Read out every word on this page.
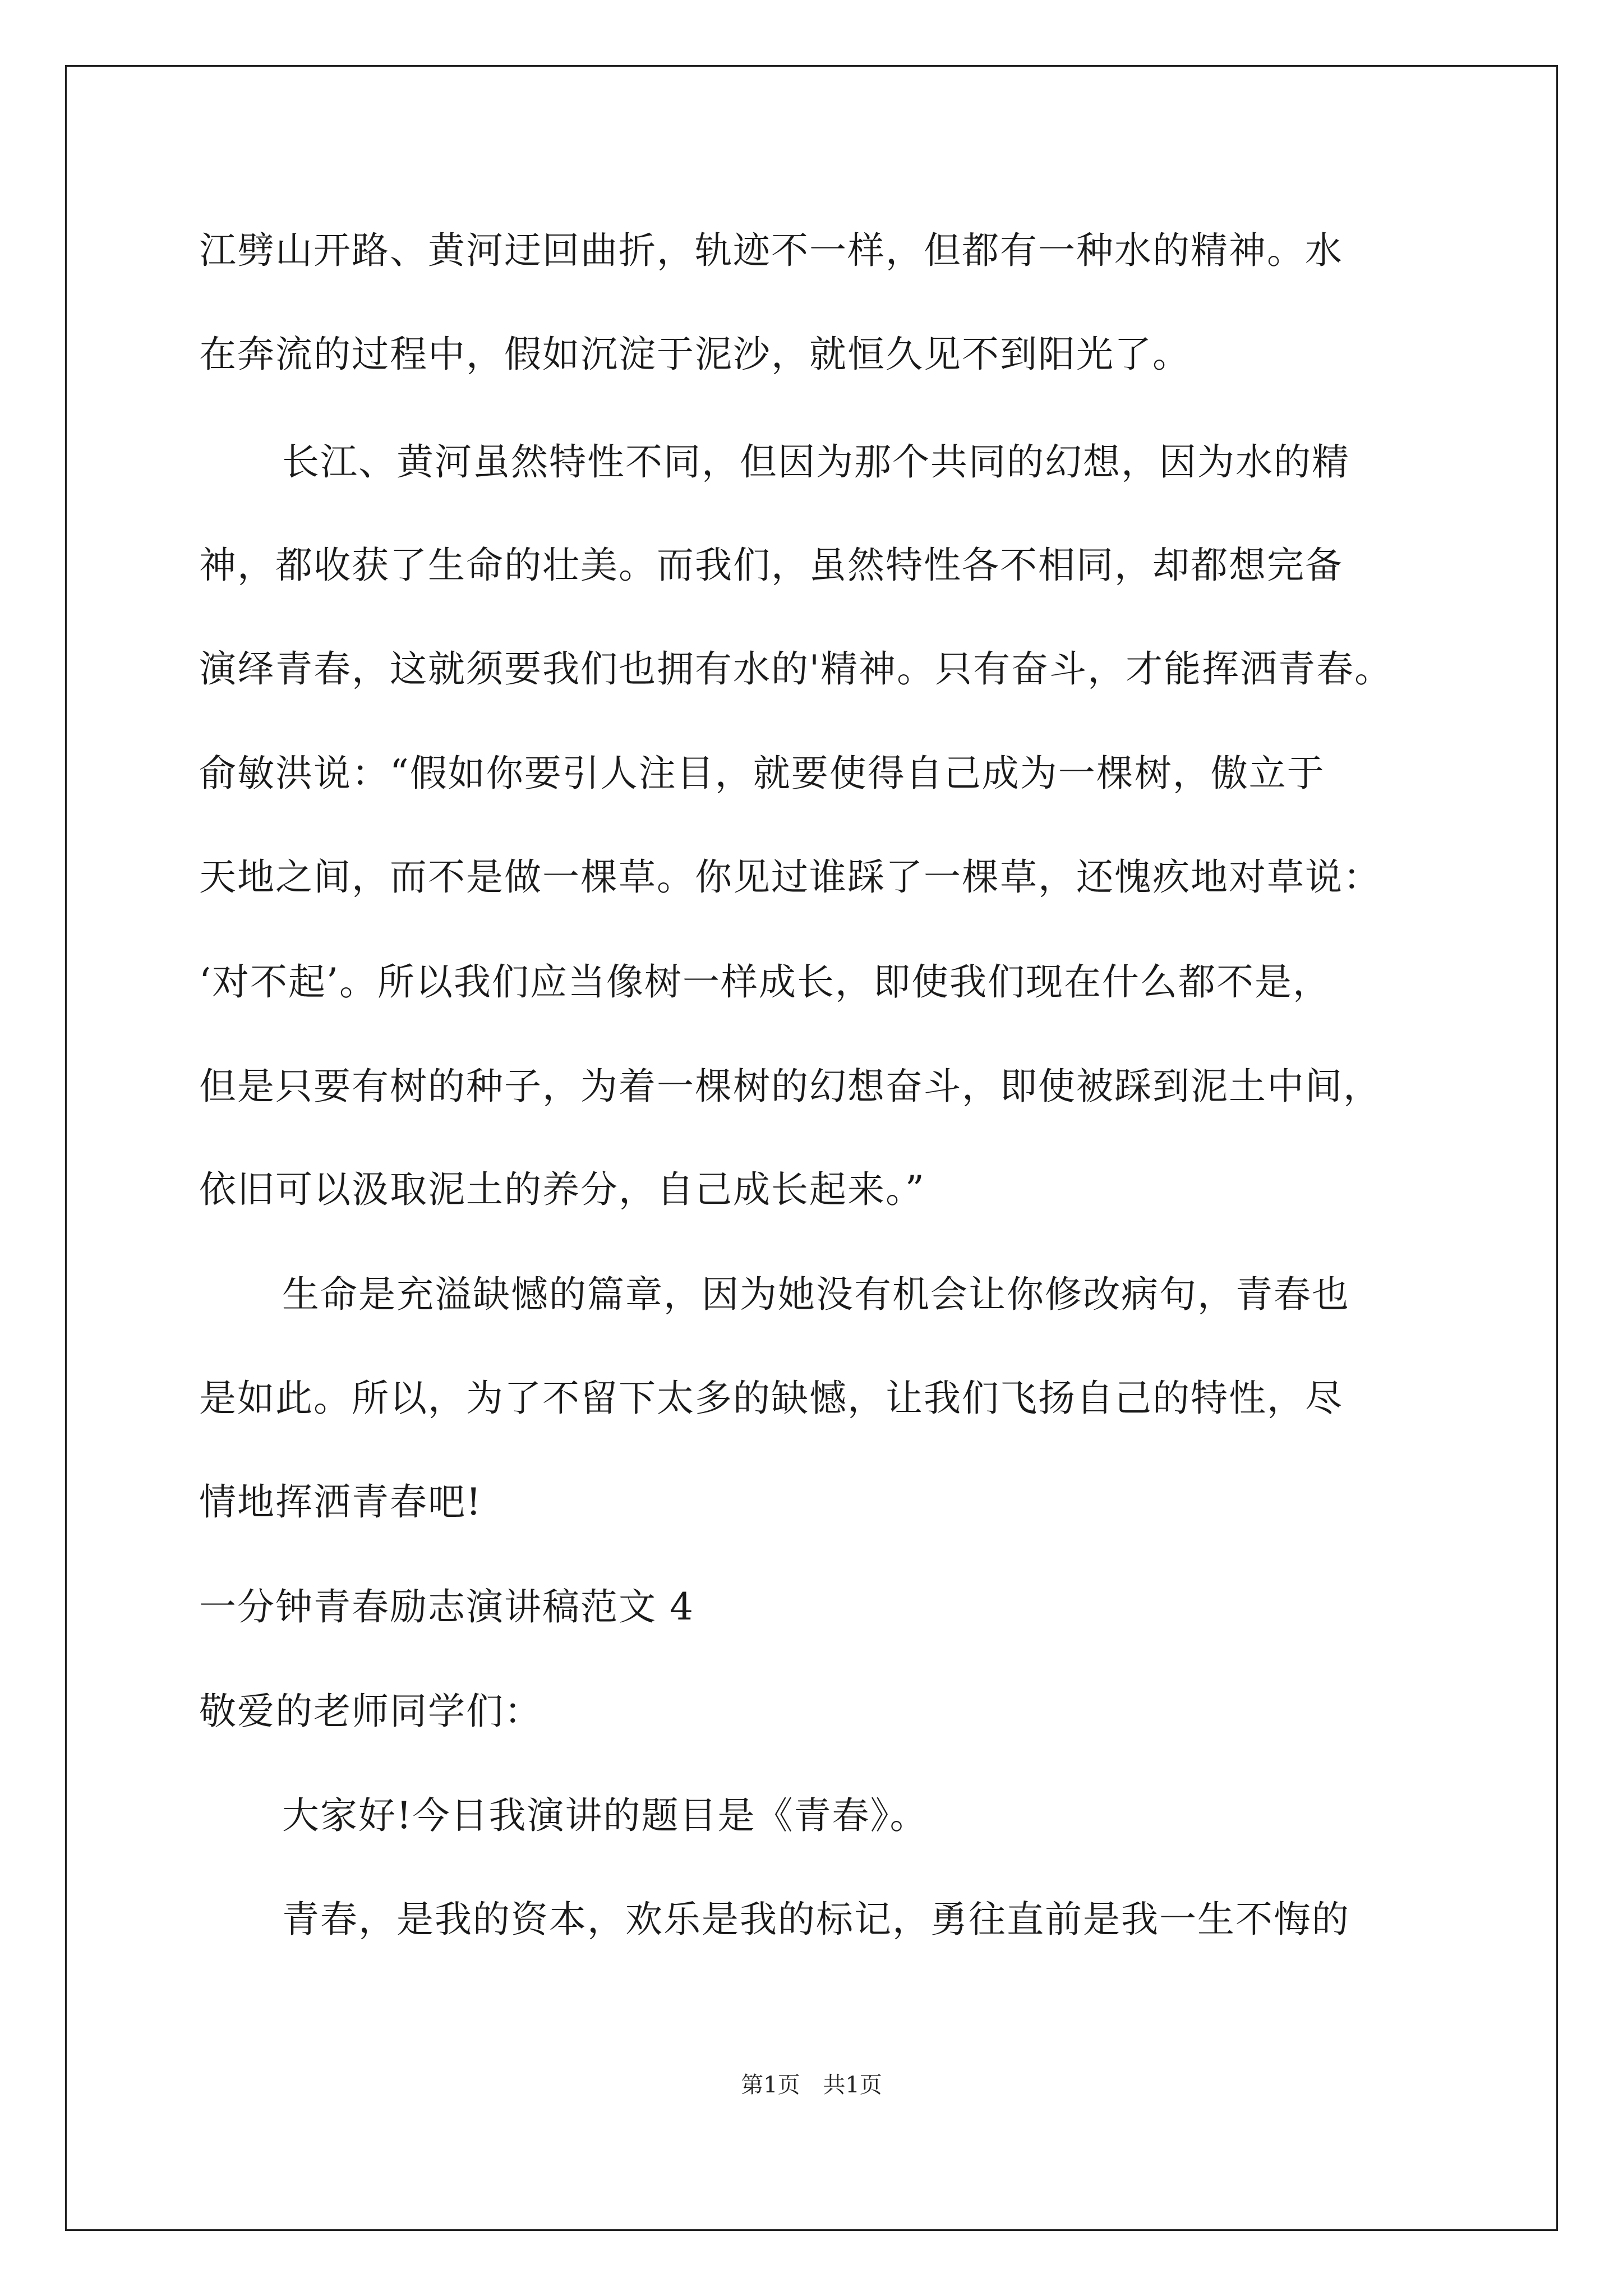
江劈山开路、黄河迂回曲折，轨迹不一样，但都有一种水的精神。水
在奔流的过程中，假如沉淀于泥沙，就恒久见不到阳光了。
长江、黄河虽然特性不同，但因为那个共同的幻想，因为水的精
神，都收获了生命的壮美。而我们，虽然特性各不相同，却都想完备
演绎青春，这就须要我们也拥有水的'精神。只有奋斗，才能挥洒青春。
俞敏洪说：“假如你要引人注目，就要使得自己成为一棵树，傲立于
天地之间，而不是做一棵草。你见过谁踩了一棵草，还愧疚地对草说：
‘对不起’。所以我们应当像树一样成长，即使我们现在什么都不是，
但是只要有树的种子，为着一棵树的幻想奋斗，即使被踩到泥土中间，
依旧可以汲取泥土的养分，自己成长起来。”
生命是充溢缺憾的篇章，因为她没有机会让你修改病句，青春也
是如此。所以，为了不留下太多的缺憾，让我们飞扬自己的特性，尽
情地挥洒青春吧!
一分钟青春励志演讲稿范文 4
敬爱的老师同学们：
大家好!今日我演讲的题目是《青春》。
青春，是我的资本，欢乐是我的标记，勇往直前是我一生不悔的
第1页 共1页
